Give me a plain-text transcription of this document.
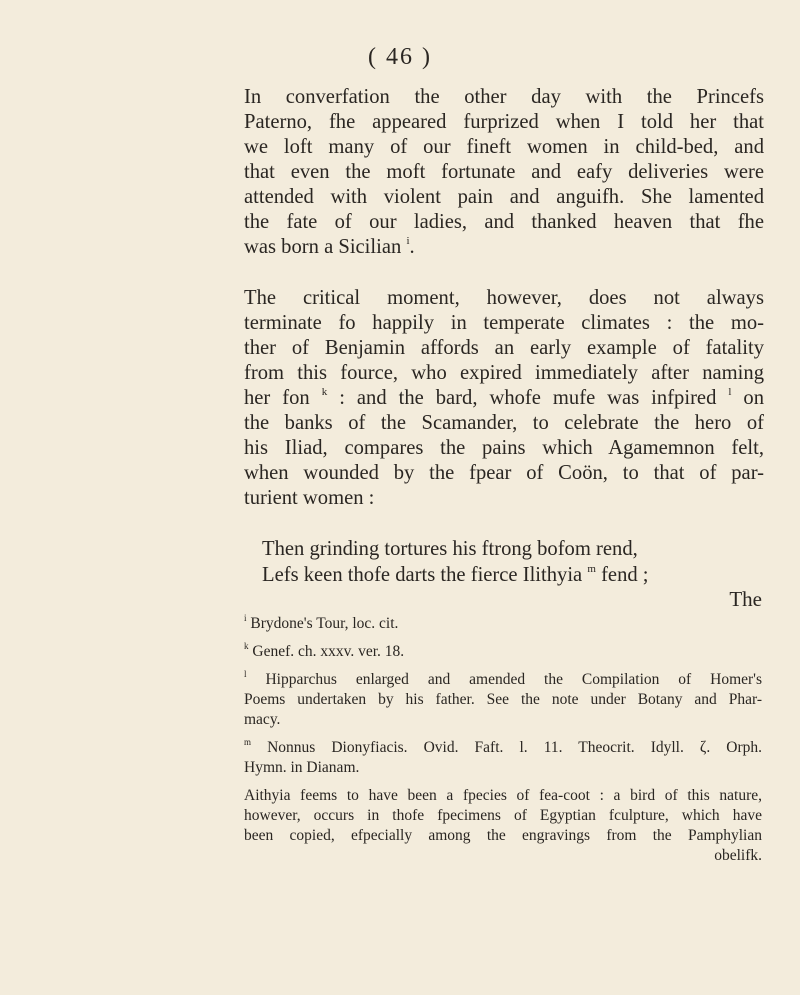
( 46 )
In converfation the other day with the Princefs
Paterno, fhe appeared furprized when I told her that
we loft many of our fineft women in child-bed, and
that even the moft fortunate and eafy deliveries were
attended with violent pain and anguifh. She lamented
the fate of our ladies, and thanked heaven that fhe
was born a Sicilian $^i$.
The critical moment, however, does not always
terminate fo happily in temperate climates : the mo-
ther of Benjamin affords an early example of fatality
from this fource, who expired immediately after naming
her fon $^k$ : and the bard, whofe mufe was infpired $^l$ on
the banks of the Scamander, to celebrate the hero of
his Iliad, compares the pains which Agamemnon felt,
when wounded by the fpear of Coön, to that of par-
turient women :
Then grinding tortures his ftrong bofom rend,
Lefs keen thofe darts the fierce Ilithyia $^m$ fend ;
The
$^i$ Brydone's Tour, loc. cit.
$^k$ Genef. ch. xxxv. ver. 18.
$^l$ Hipparchus enlarged and amended the Compilation of Homer's
Poems undertaken by his father. See the note under Botany and Phar-
macy.
$^m$ Nonnus Dionyfiacis. Ovid. Faft. l. 11. Theocrit. Idyll. ζ. Orph.
Hymn. in Dianam.
Aithyia feems to have been a fpecies of fea-coot : a bird of this nature,
however, occurs in thofe fpecimens of Egyptian fculpture, which have
been copied, efpecially among the engravings from the Pamphylian
obelifk.
